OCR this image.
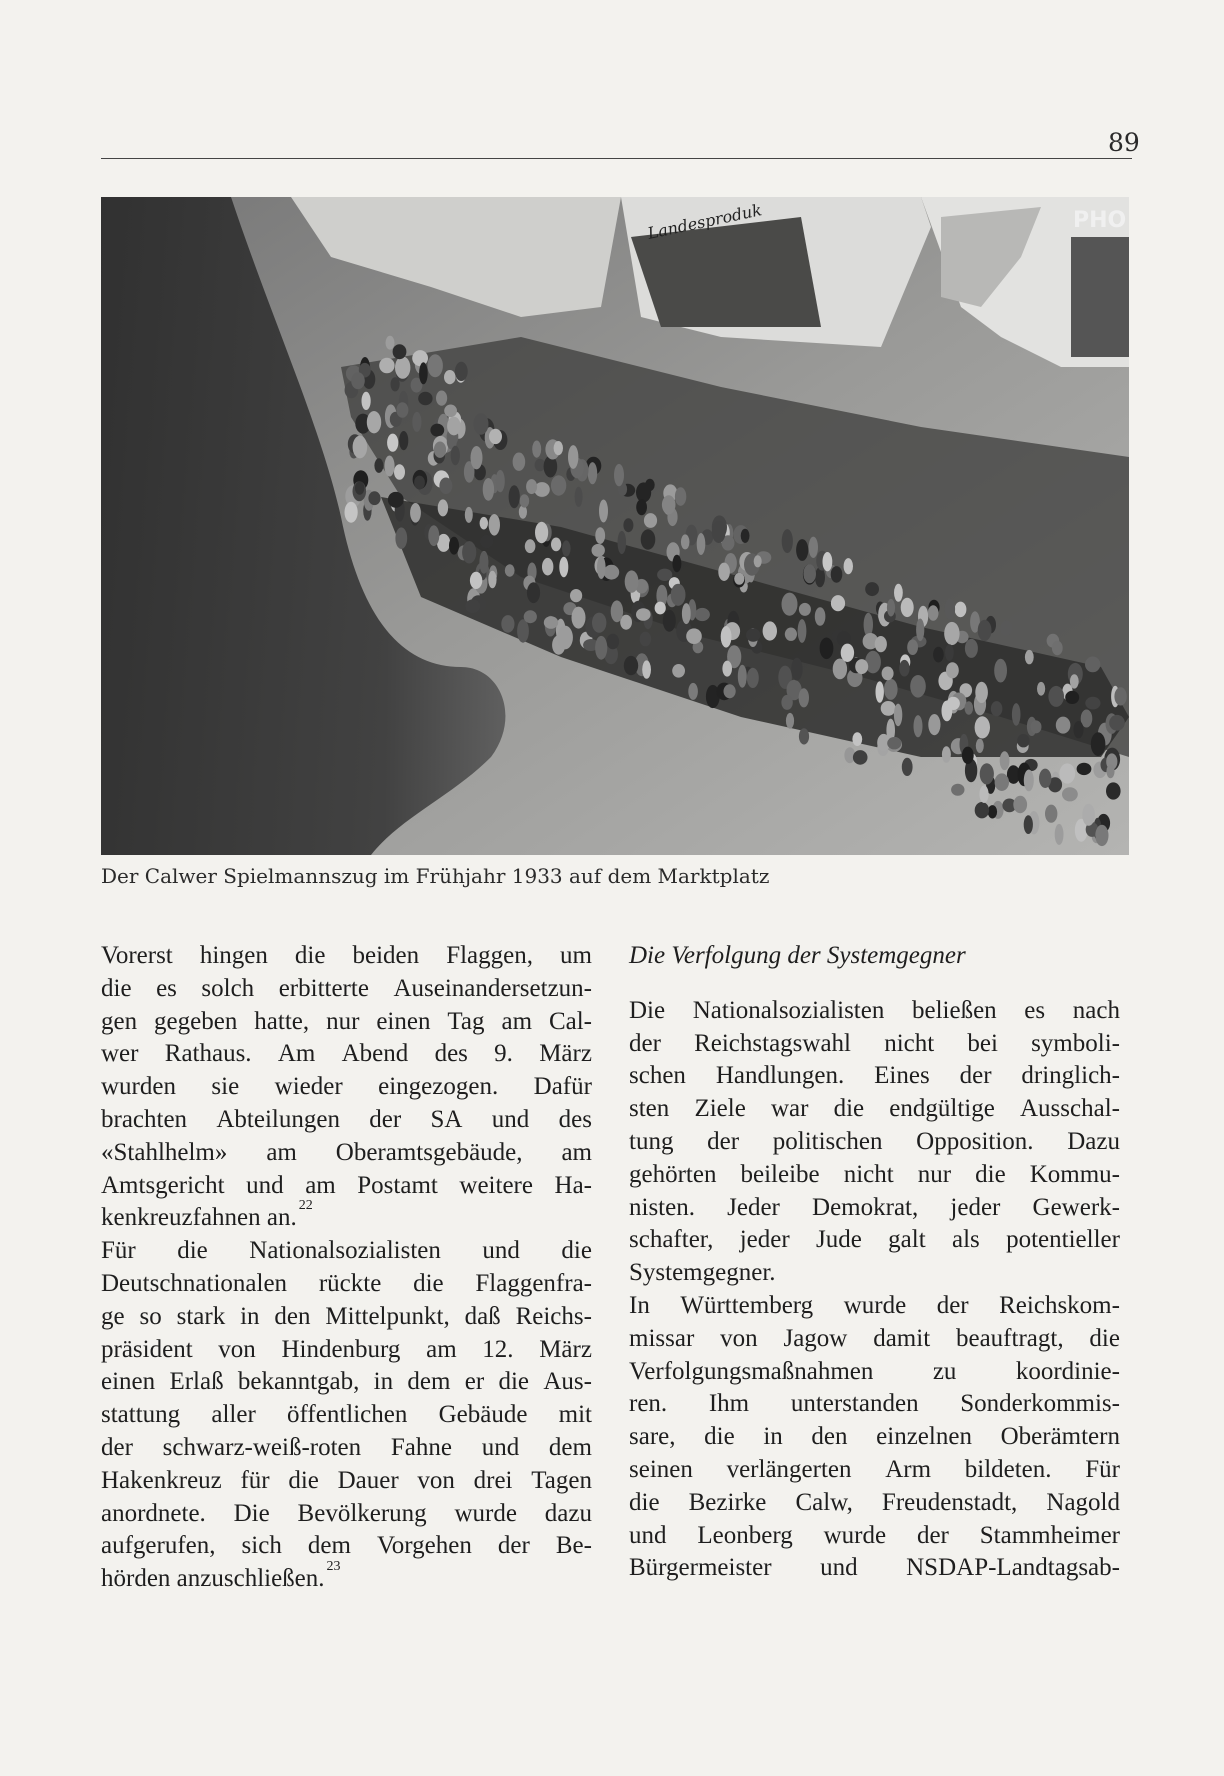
89
Landesproduk	PHO
Der Calwer Spielmannszug im Frühjahr 1933 auf dem Marktplatz
Vorerst hingen die beiden Flaggen, um
die es solch erbitterte Auseinandersetzun-
gen gegeben hatte, nur einen Tag am Cal-
wer Rathaus. Am Abend des 9. März
wurden sie wieder eingezogen. Dafür
brachten Abteilungen der SA und des
«Stahlhelm» am Oberamtsgebäude, am
Amtsgericht und am Postamt weitere Ha-
kenkreuzfahnen an. 22
Für die Nationalsozialisten und die
Deutschnationalen rückte die Flaggenfra-
ge so stark in den Mittelpunkt, daß Reichs-
präsident von Hindenburg am 12. März
einen Erlaß bekanntgab, in dem er die Aus-
stattung aller öffentlichen Gebäude mit
der schwarz-weiß-roten Fahne und dem
Hakenkreuz für die Dauer von drei Tagen
anordnete. Die Bevölkerung wurde dazu
aufgerufen, sich dem Vorgehen der Be-
hörden anzuschließen. 23
Die Verfolgung der Systemgegner
Die Nationalsozialisten beließen es nach
der Reichstagswahl nicht bei symboli-
schen Handlungen. Eines der dringlich-
sten Ziele war die endgültige Ausschal-
tung der politischen Opposition. Dazu
gehörten beileibe nicht nur die Kommu-
nisten. Jeder Demokrat, jeder Gewerk-
schafter, jeder Jude galt als potentieller
Systemgegner.
In Württemberg wurde der Reichskom-
missar von Jagow damit beauftragt, die
Verfolgungsmaßnahmen zu koordinie-
ren. Ihm unterstanden Sonderkommis-
sare, die in den einzelnen Oberämtern
seinen verlängerten Arm bildeten. Für
die Bezirke Calw, Freudenstadt, Nagold
und Leonberg wurde der Stammheimer
Bürgermeister und NSDAP-Landtagsab-
